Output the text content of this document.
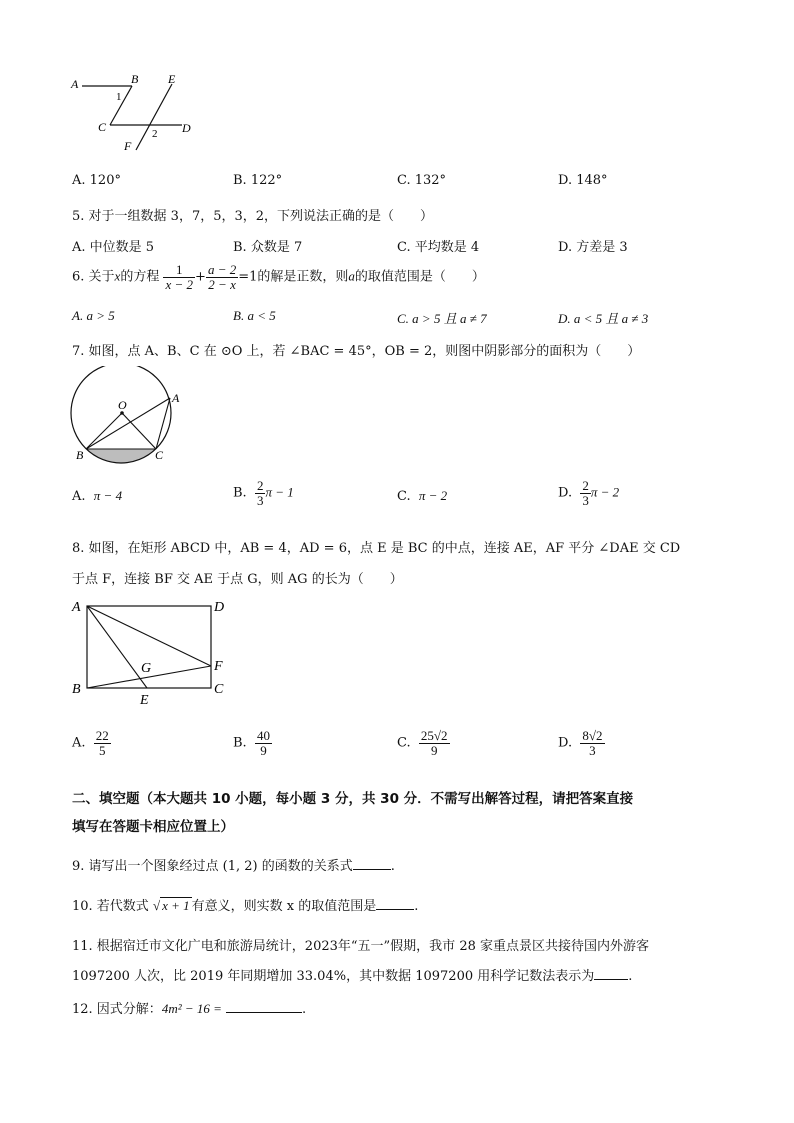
A	B E
C	D
F
1
2
A. 120°	B. 122°	C. 132°	D. 148°
5. 对于一组数据 3，7，5，3，2，下列说法正确的是（　　）
A. 中位数是 5	B. 众数是 7	C. 平均数是 4	D. 方差是 3
6. 关于x的方程 $\frac{1}{x - 2} + \frac{a - 2}{2 - x} =1$的解是正数，则a的取值范围是（　　）
A. a > 5	B. a < 5	C. a > 5 且 a ≠ 7	D. a < 5 且 a ≠ 3
7. 如图，点 A、B、C 在 ⊙O 上，若 ∠BAC = 45°，OB = 2，则图中阴影部分的面积为（　　）
O	A
B	C
A. π − 4	B. $\frac{2}{3}$ π − 1	C. π − 2	D. $\frac{2}{3}$ π − 2
8. 如图，在矩形 ABCD 中，AB = 4，AD = 6，点 E 是 BC 的中点，连接 AE，AF 平分 ∠DAE 交 CD
于点 F，连接 BF 交 AE 于点 G，则 AG 的长为（　　）
A	D
G	F
B
E
C
A. $\frac{22}{5}$	B. $\frac{40}{9}$	C. $\frac{25√2}{9}$	D. $\frac{8√2}{3}$
二、填空题（本大题共 10 小题，每小题 3 分，共 30 分．不需写出解答过程，请把答案直接
填写在答题卡相应位置上）
9. 请写出一个图象经过点 (1, 2) 的函数的关系式	.
10. 若代数式 √ x + 1 有意义，则实数 x 的取值范围是	.
11. 根据宿迁市文化广电和旅游局统计，2023年“五一”假期，我市 28 家重点景区共接待国内外游客
1097200 人次，比 2019 年同期增加 33.04%，其中数据 1097200 用科学记数法表示为	.
12. 因式分解：4m² − 16 =	.
